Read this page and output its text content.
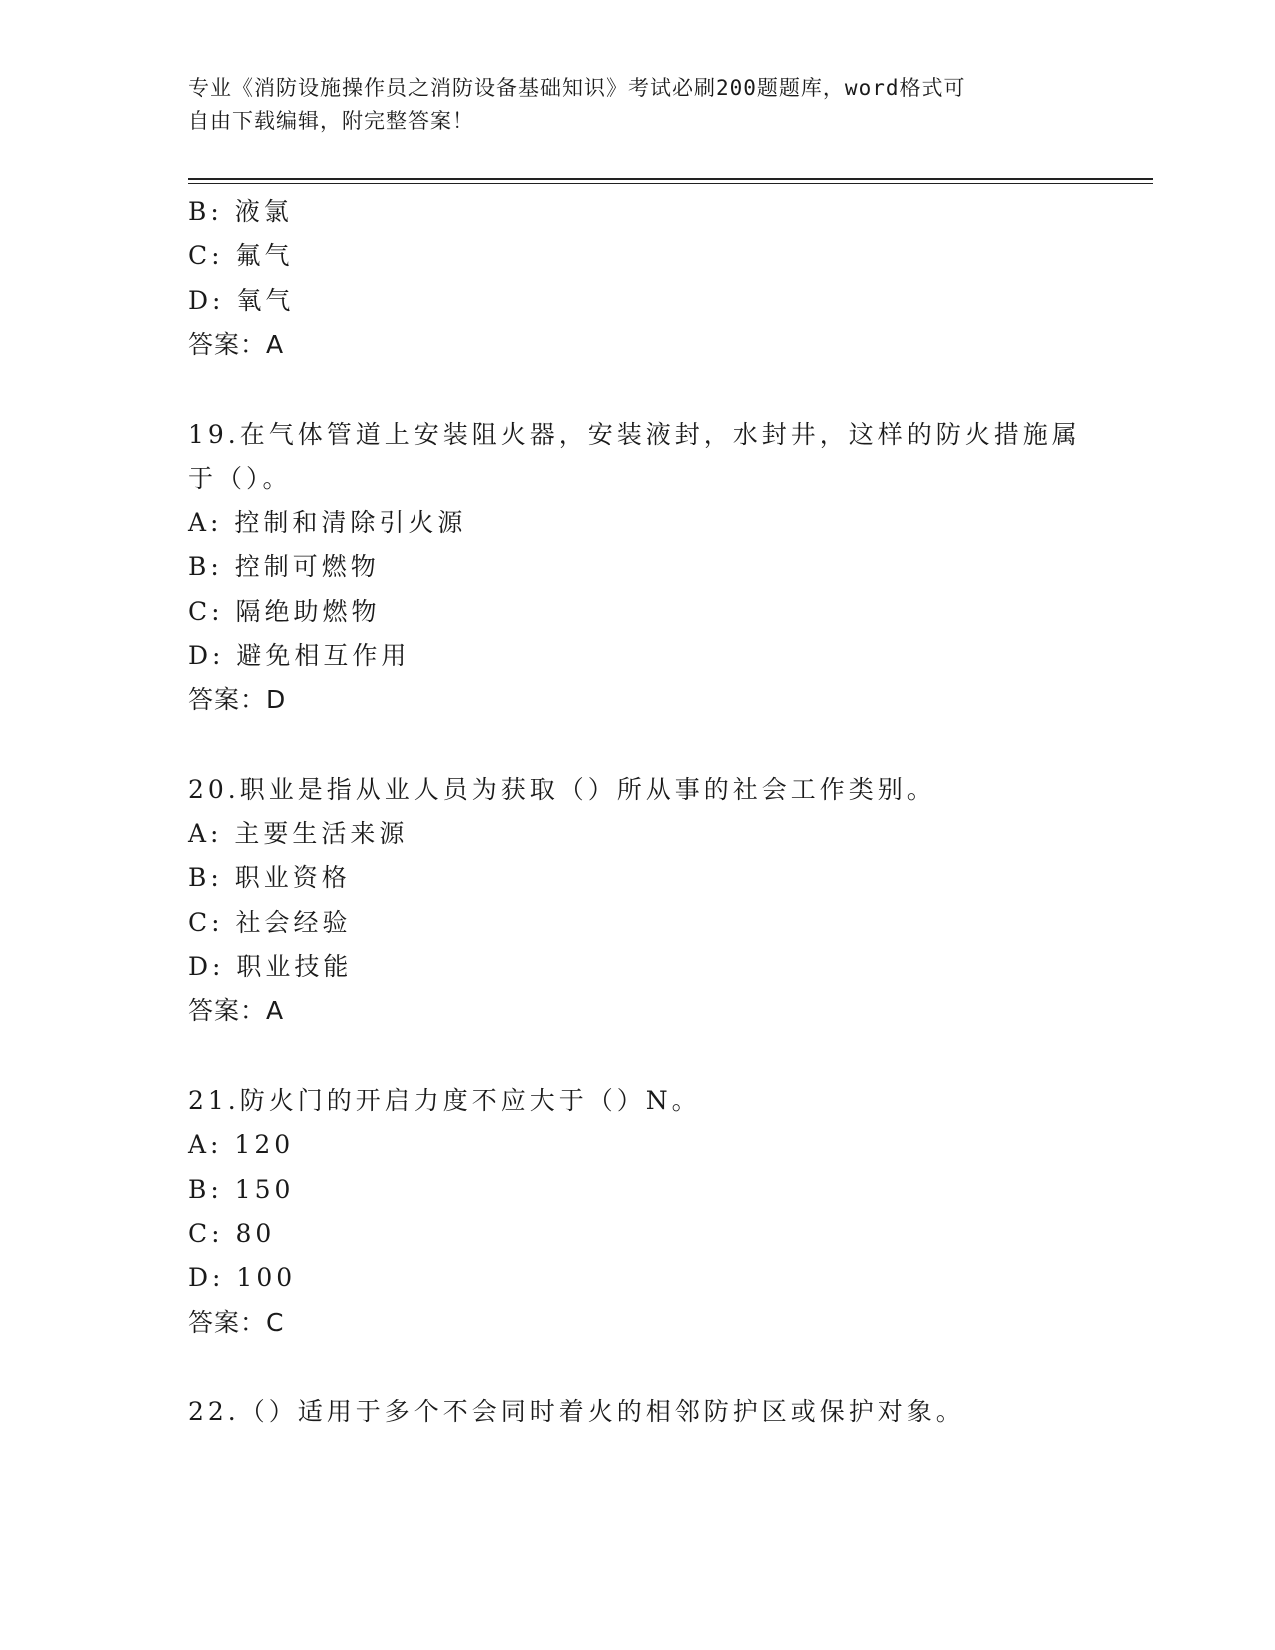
专业《消防设施操作员之消防设备基础知识》考试必刷200题题库，word格式可
自由下载编辑，附完整答案！
B: 液氯
C: 氟气
D: 氧气
答案：A
19.在气体管道上安装阻火器，安装液封，水封井，这样的防火措施属
于（）。
A: 控制和清除引火源
B: 控制可燃物
C: 隔绝助燃物
D: 避免相互作用
答案：D
20.职业是指从业人员为获取（）所从事的社会工作类别。
A: 主要生活来源
B: 职业资格
C: 社会经验
D: 职业技能
答案：A
21.防火门的开启力度不应大于（）N。
A: 120
B: 150
C: 80
D: 100
答案：C
22.（）适用于多个不会同时着火的相邻防护区或保护对象。
